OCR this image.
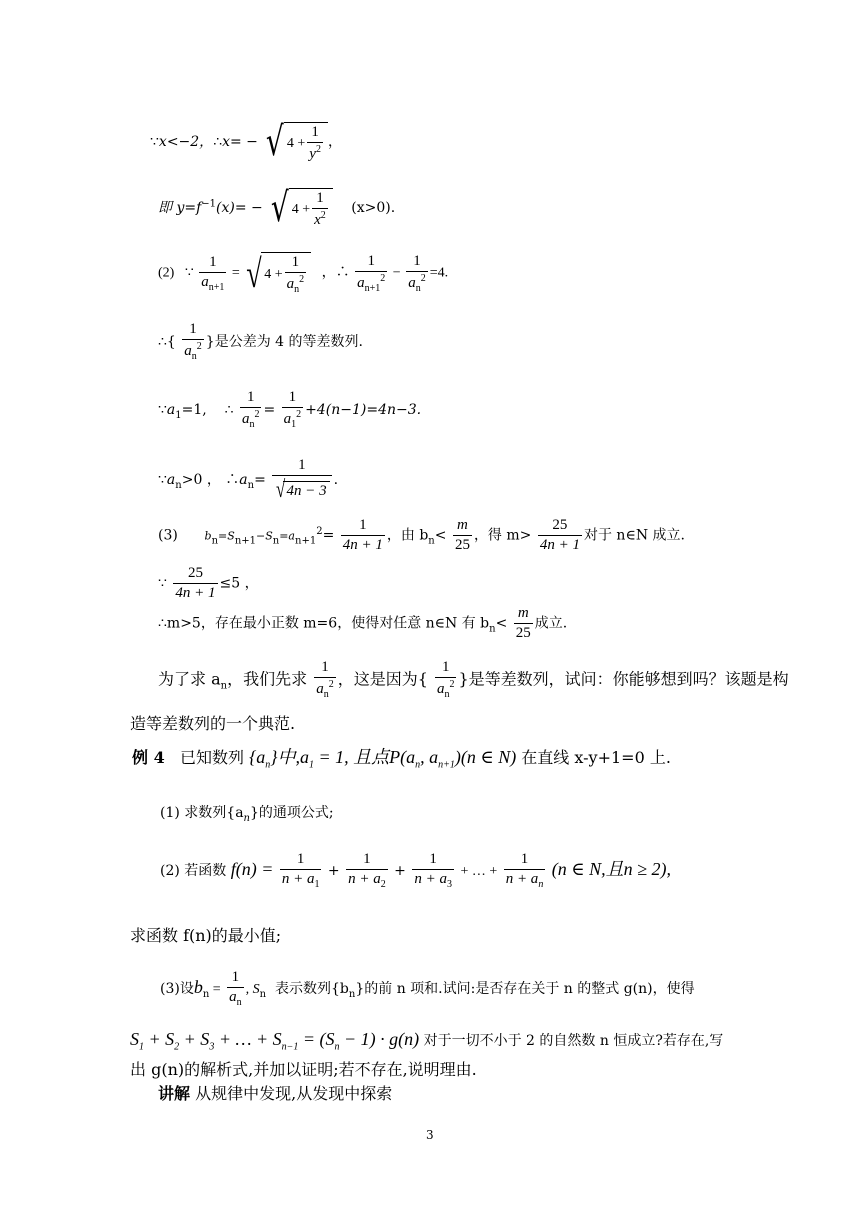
∵x<−2，∴x= − √ $4 + \frac{1}{y^2}$ ，
即 $y=f^{-1}(x)=$ − √ $4 + \frac{1}{x^2} (x>0)$.
(2) ∵ $\frac{1}{a_{n+1}}$ = √ $4 + \frac{1}{a_n^2}$ ，∴ $\frac{1}{a_{n+1}^2} - \frac{1}{a_n^2} =4$.
∴{ $\frac{1}{a_n^2}$ }是公差为 4 的等差数列.
$\because a_1=1$, ∴ $\frac{1}{a_n^2} = \frac{1}{a_1^2} +4(n-1)=4n-3$.
$\because a_n>0$ ， $\therefore a_n= \frac{1}{√ 4n - 3}$ .
(3) $b_n=S_{n+1}-S_n=a_{n+1}^2= \frac{1}{4n + 1}$ ，由 $b_n< \frac{m}{25}$ ，得 $m> \frac{25}{4n + 1}$ 对于 n∈N 成立.
∵ $\frac{25}{4n + 1} \le 5$ ，
∴m>5，存在最小正数 m=6，使得对任意 n∈N 有 $b_n< \frac{m}{25}$ 成立.
为了求 $a_n$，我们先求 $\frac{1}{a_n^2}$ ，这是因为{ $\frac{1}{a_n^2}$ }是等差数列，试问：你能够想到吗？该题是构
造等差数列的一个典范.
例 4 已知数列 $\{a_n\}$中$,a_1 = 1$, 且点$P(a_n$, $a_{n+1})(n$ ∈ N) 在直线 x-y+1=0 上.
(1) 求数列$\{a_n\}$的通项公式;
(2) 若函数 $f(n) = \frac{1}{n + a_1} + \frac{1}{n + a_2} + \frac{1}{n + a_3}$ + … + $\frac{1}{n + a_n} (n$ ∈ N,且n ≥ 2),
求函数 f(n)的最小值;
(3)设$b_n = \frac{1}{a_n}$ , $S_n$ 表示数列$\{b_n\}$的前 n 项和.试问:是否存在关于 n 的整式 g(n)，使得
$S_1 + S_2 + S_3$ + … + $S_{n-1} = (S_n - 1) \cdot g(n)$ 对于一切不小于 2 的自然数 n 恒成立?若存在,写
出 g(n)的解析式,并加以证明;若不存在,说明理由.
讲解 从规律中发现,从发现中探索
3
